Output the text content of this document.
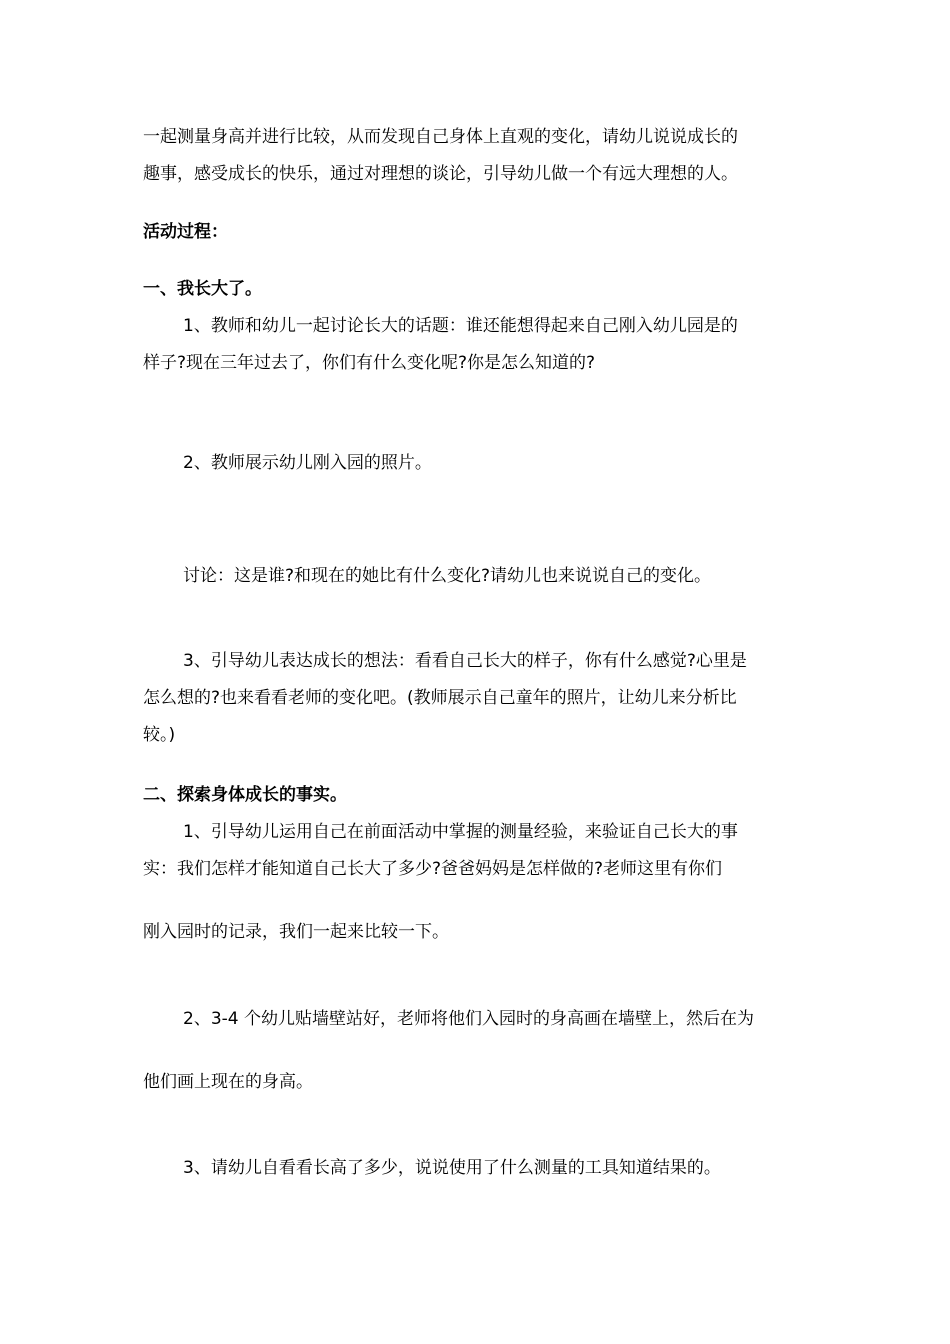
一起测量身高并进行比较，从而发现自己身体上直观的变化，请幼儿说说成长的
趣事，感受成长的快乐，通过对理想的谈论，引导幼儿做一个有远大理想的人。
活动过程：
一、我长大了。
1、教师和幼儿一起讨论长大的话题：谁还能想得起来自己刚入幼儿园是的
样子?现在三年过去了，你们有什么变化呢?你是怎么知道的?
2、教师展示幼儿刚入园的照片。
讨论：这是谁?和现在的她比有什么变化?请幼儿也来说说自己的变化。
3、引导幼儿表达成长的想法：看看自己长大的样子，你有什么感觉?心里是
怎么想的?也来看看老师的变化吧。(教师展示自己童年的照片，让幼儿来分析比
较。)
二、探索身体成长的事实。
1、引导幼儿运用自己在前面活动中掌握的测量经验，来验证自己长大的事
实：我们怎样才能知道自己长大了多少?爸爸妈妈是怎样做的?老师这里有你们
刚入园时的记录，我们一起来比较一下。
2、3-4 个幼儿贴墙壁站好，老师将他们入园时的身高画在墙壁上，然后在为
他们画上现在的身高。
3、请幼儿自看看长高了多少，说说使用了什么测量的工具知道结果的。
